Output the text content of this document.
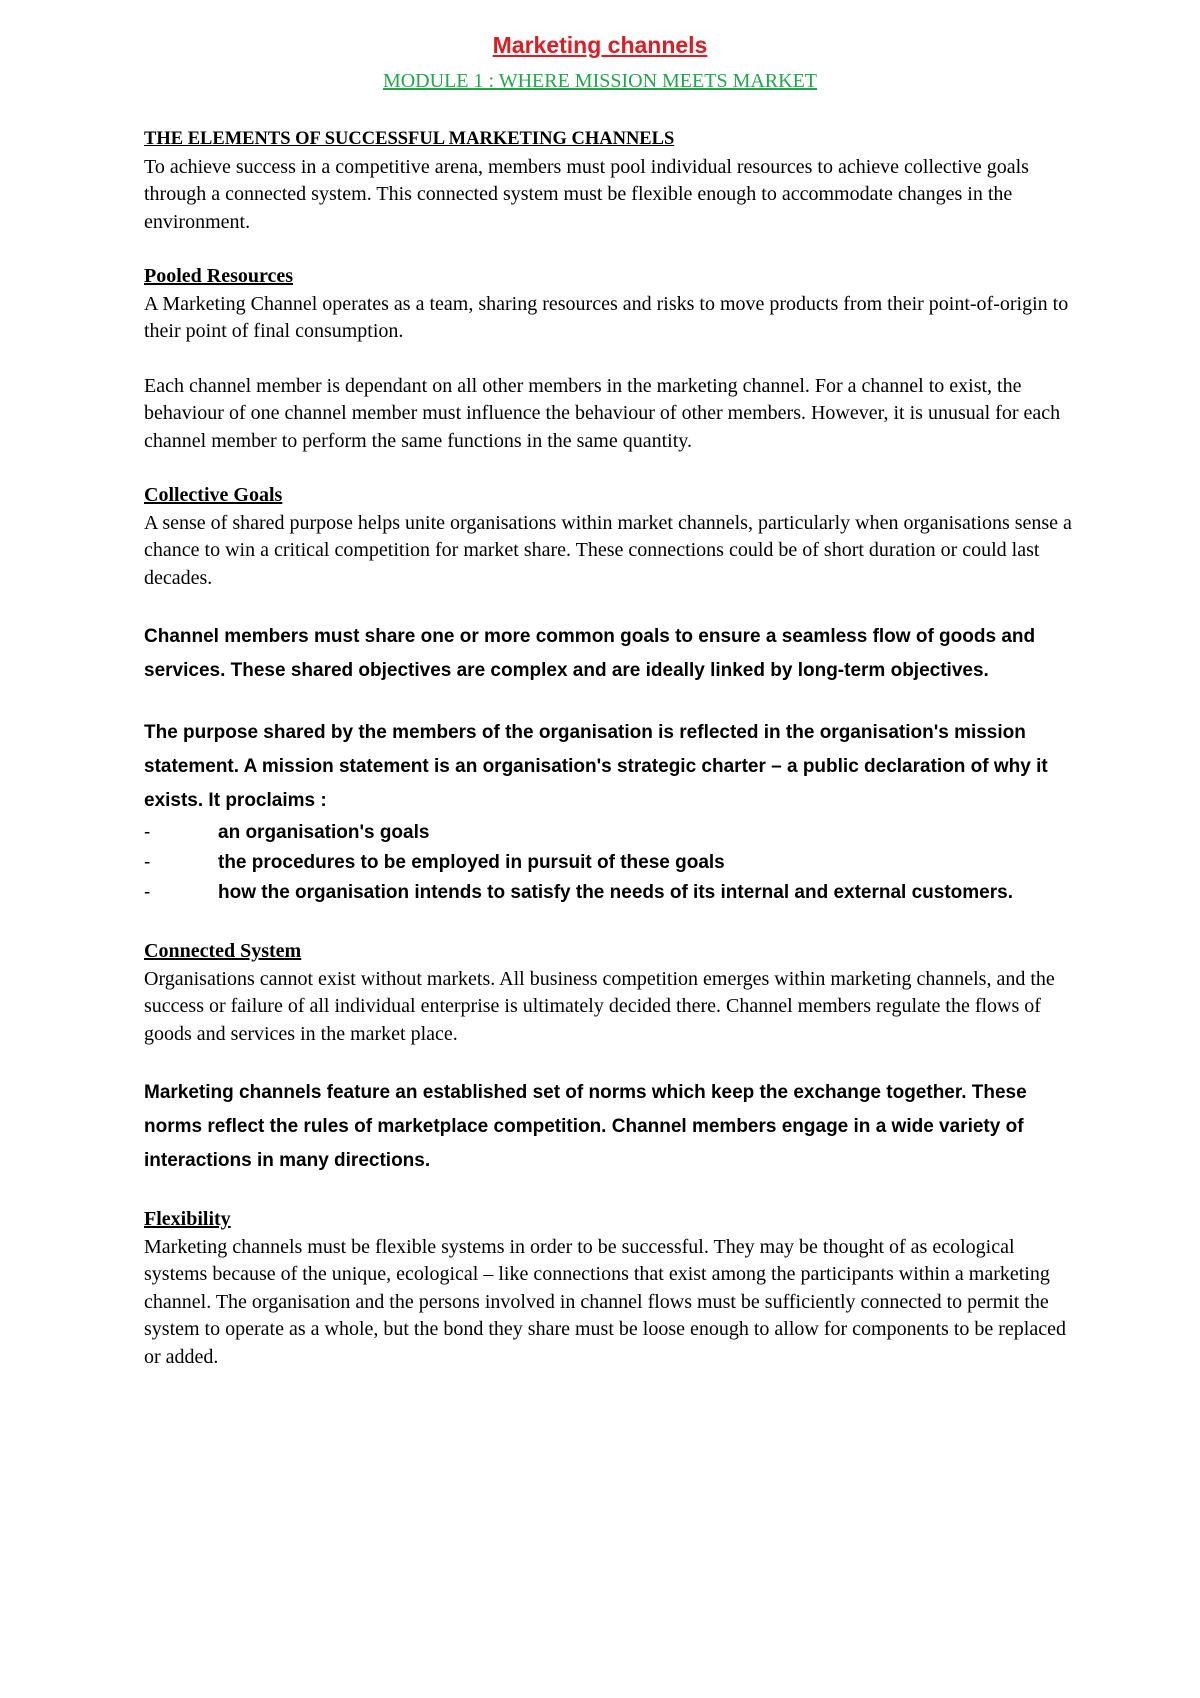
Marketing channels
MODULE 1 : WHERE MISSION MEETS MARKET

THE ELEMENTS OF SUCCESSFUL MARKETING CHANNELS

To achieve success in a competitive arena, members must pool individual resources to achieve collective goals through a connected system. This connected system must be flexible enough to accommodate changes in the environment.

Pooled Resources

A Marketing Channel operates as a team, sharing resources and risks to move products from their point-of-origin to their point of final consumption.

Each channel member is dependant on all other members in the marketing channel. For a channel to exist, the behaviour of one channel member must influence the behaviour of other members. However, it is unusual for each channel member to perform the same functions in the same quantity.

Collective Goals

A sense of shared purpose helps unite organisations within market channels, particularly when organisations sense a chance to win a critical competition for market share. These connections could be of short duration or could last decades.

Channel members must share one or more common goals to ensure a seamless flow of goods and services. These shared objectives are complex and are ideally linked by long-term objectives.

The purpose shared by the members of the organisation is reflected in the organisation's mission statement. A mission statement is an organisation's strategic charter – a public declaration of why it exists. It proclaims :

-	an organisation's goals
-	the procedures to be employed in pursuit of these goals
-	how the organisation intends to satisfy the needs of its internal and external customers.

Connected System

Organisations cannot exist without markets. All business competition emerges within marketing channels, and the success or failure of all individual enterprise is ultimately decided there. Channel members regulate the flows of goods and services in the market place.

Marketing channels feature an established set of norms which keep the exchange together. These norms reflect the rules of marketplace competition. Channel members engage in a wide variety of interactions in many directions.

Flexibility

Marketing channels must be flexible systems in order to be successful. They may be thought of as ecological systems because of the unique, ecological – like connections that exist among the participants within a marketing channel. The organisation and the persons involved in channel flows must be sufficiently connected to permit the system to operate as a whole, but the bond they share must be loose enough to allow for components to be replaced or added.
